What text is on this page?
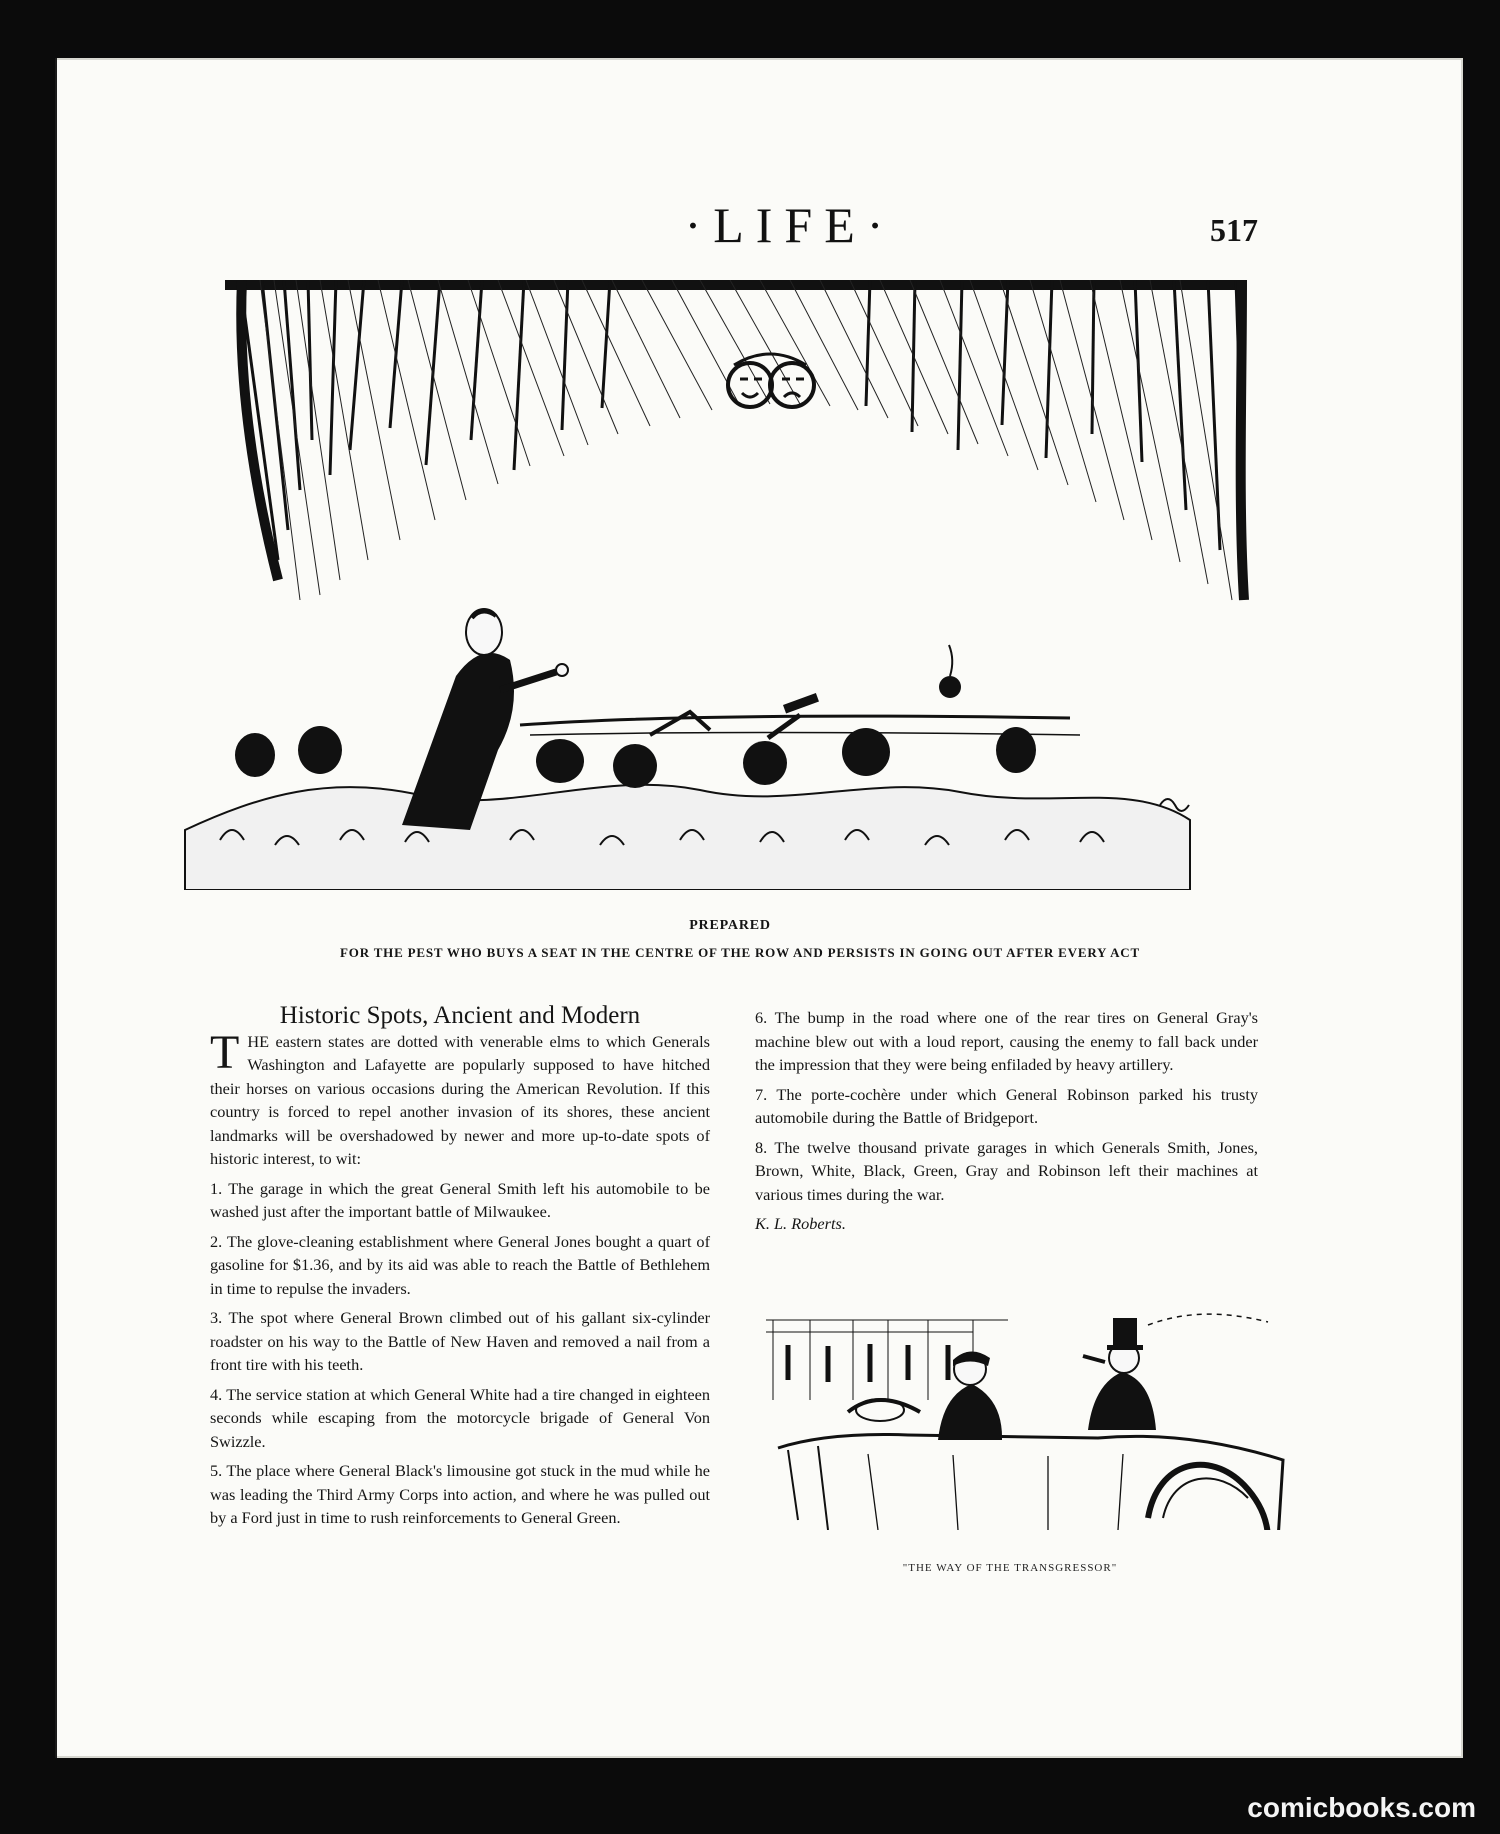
·LIFE·	517
PREPARED
FOR THE PEST WHO BUYS A SEAT IN THE CENTRE OF THE ROW AND PERSISTS IN GOING OUT AFTER EVERY ACT
Historic Spots, Ancient and Modern

T HE eastern states are dotted with venerable elms to which Generals Washington and Lafayette are popularly supposed to have hitched their horses on various occasions during the American Revolution. If this country is forced to repel another invasion of its shores, these ancient landmarks will be overshadowed by newer and more up-to-date spots of historic interest, to wit:

1. The garage in which the great General Smith left his automobile to be washed just after the important battle of Milwaukee.

2. The glove-cleaning establishment where General Jones bought a quart of gasoline for $1.36, and by its aid was able to reach the Battle of Bethlehem in time to repulse the invaders.

3. The spot where General Brown climbed out of his gallant six-cylinder roadster on his way to the Battle of New Haven and removed a nail from a front tire with his teeth.

4. The service station at which General White had a tire changed in eighteen seconds while escaping from the motorcycle brigade of General Von Swizzle.

5. The place where General Black's limousine got stuck in the mud while he was leading the Third Army Corps into action, and where he was pulled out by a Ford just in time to rush reinforcements to General Green.

6. The bump in the road where one of the rear tires on General Gray's machine blew out with a loud report, causing the enemy to fall back under the impression that they were being enfiladed by heavy artillery.

7. The porte-cochère under which General Robinson parked his trusty automobile during the Battle of Bridgeport.

8. The twelve thousand private garages in which Generals Smith, Jones, Brown, White, Black, Green, Gray and Robinson left their machines at various times during the war.

K. L. Roberts.

"THE WAY OF THE TRANSGRESSOR"
comicbooks.com
